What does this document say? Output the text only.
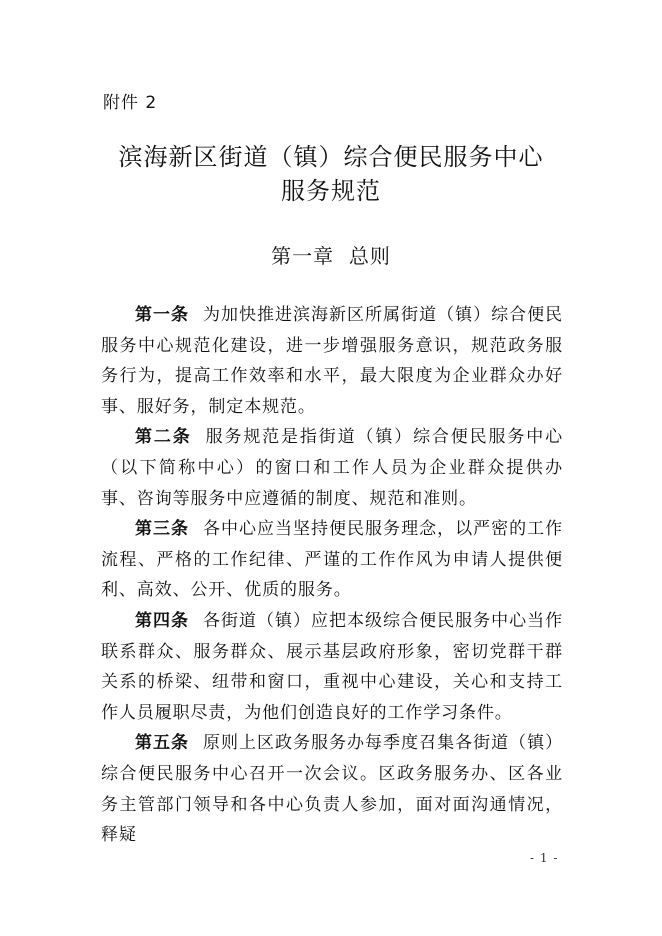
附件 2
滨海新区街道（镇）综合便民服务中心
服务规范
第一章  总则

第一条 为加快推进滨海新区所属街道（镇）综合便民服务中心规范化建设，进一步增强服务意识，规范政务服务行为，提高工作效率和水平，最大限度为企业群众办好事、服好务，制定本规范。

第二条 服务规范是指街道（镇）综合便民服务中心（以下简称中心）的窗口和工作人员为企业群众提供办事、咨询等服务中应遵循的制度、规范和准则。

第三条 各中心应当坚持便民服务理念，以严密的工作流程、严格的工作纪律、严谨的工作作风为申请人提供便利、高效、公开、优质的服务。

第四条 各街道（镇）应把本级综合便民服务中心当作联系群众、服务群众、展示基层政府形象，密切党群干群关系的桥梁、纽带和窗口，重视中心建设，关心和支持工作人员履职尽责，为他们创造良好的工作学习条件。

第五条 原则上区政务服务办每季度召集各街道（镇）综合便民服务中心召开一次会议。区政务服务办、区各业务主管部门领导和各中心负责人参加，面对面沟通情况，释疑

- 1 -
